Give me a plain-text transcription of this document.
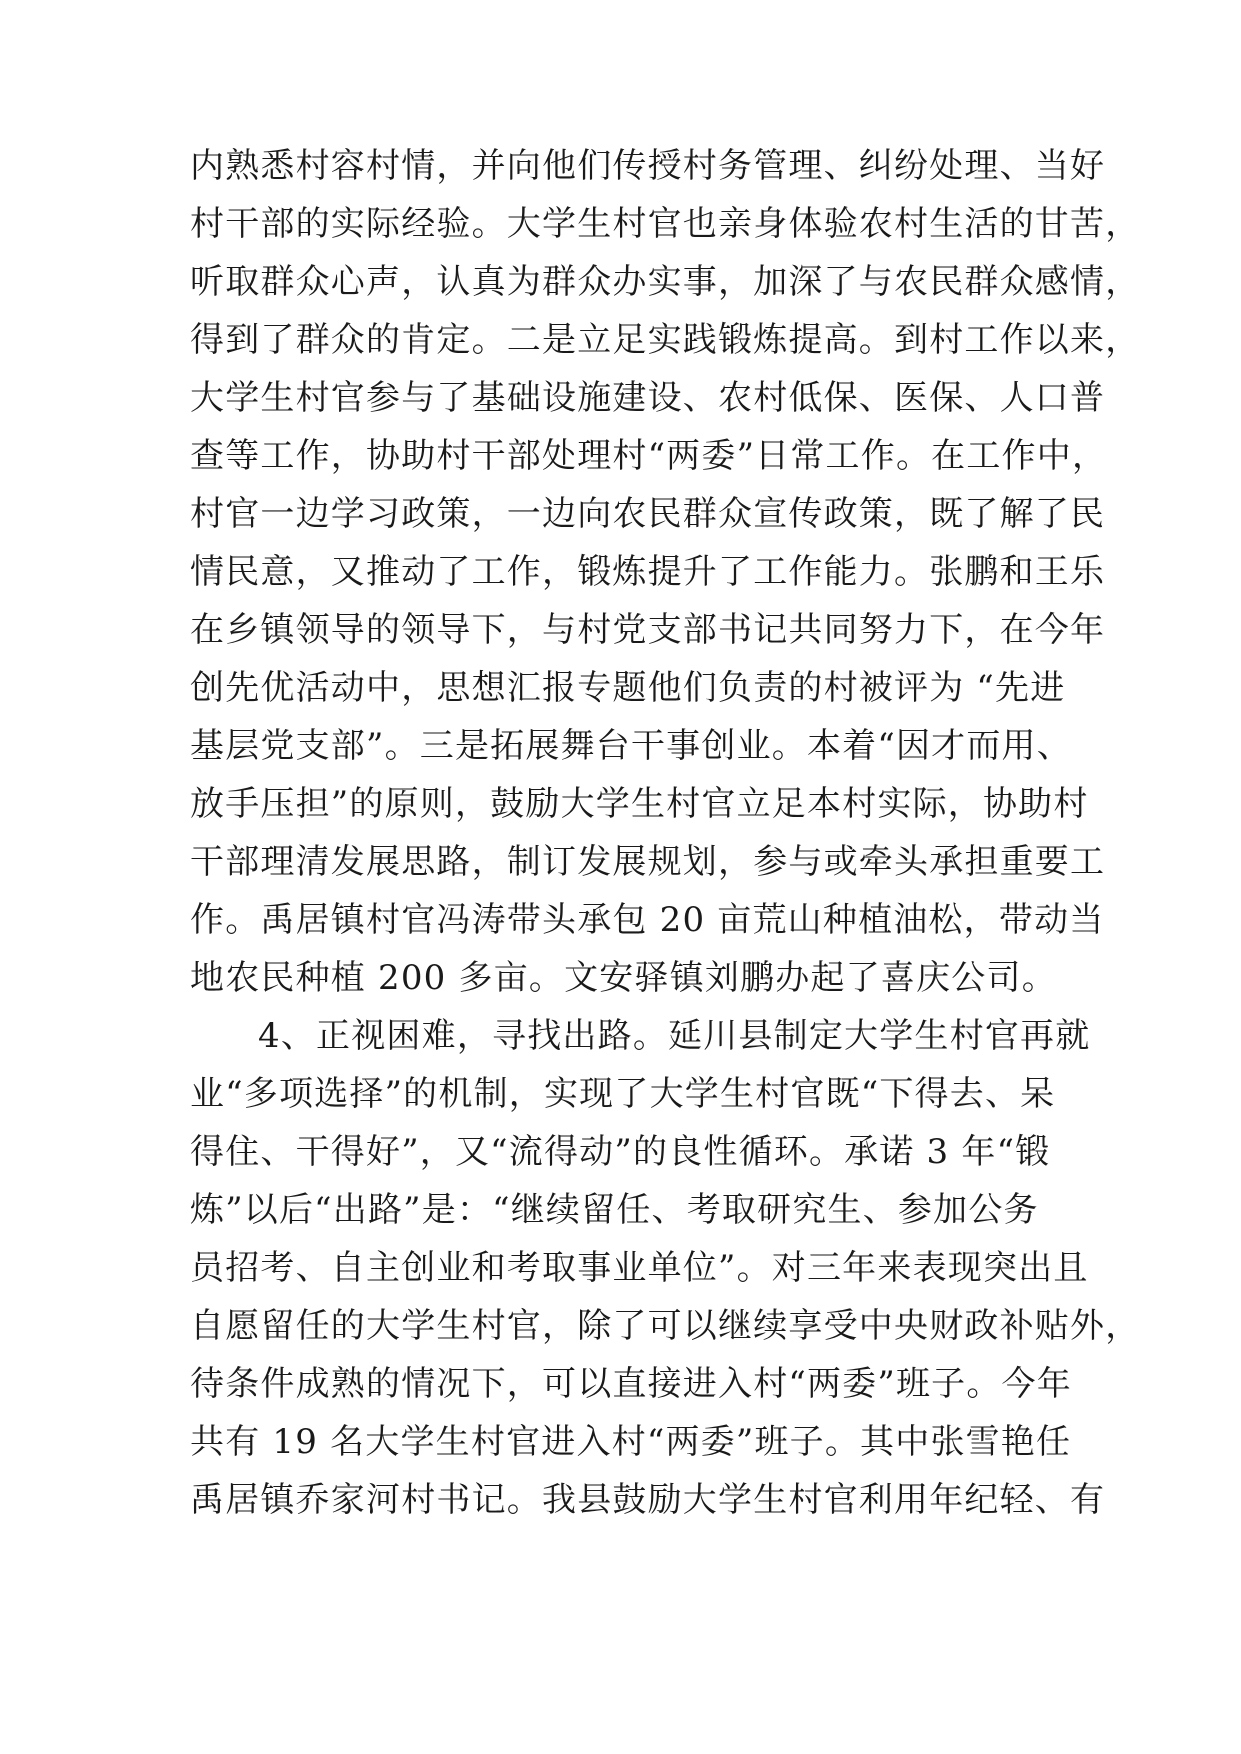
内熟悉村容村情，并向他们传授村务管理、纠纷处理、当好
村干部的实际经验。大学生村官也亲身体验农村生活的甘苦，
听取群众心声，认真为群众办实事，加深了与农民群众感情，
得到了群众的肯定。二是立足实践锻炼提高。到村工作以来，
大学生村官参与了基础设施建设、农村低保、医保、人口普
查等工作，协助村干部处理村“两委”日常工作。在工作中，
村官一边学习政策，一边向农民群众宣传政策，既了解了民
情民意，又推动了工作，锻炼提升了工作能力。张鹏和王乐
在乡镇领导的领导下，与村党支部书记共同努力下，在今年
创先优活动中，思想汇报专题他们负责的村被评为 “先进
基层党支部”。三是拓展舞台干事创业。本着“因才而用、
放手压担”的原则，鼓励大学生村官立足本村实际，协助村
干部理清发展思路，制订发展规划，参与或牵头承担重要工
作。禹居镇村官冯涛带头承包 20 亩荒山种植油松，带动当
地农民种植 200 多亩。文安驿镇刘鹏办起了喜庆公司。
4、正视困难，寻找出路。延川县制定大学生村官再就
业“多项选择”的机制，实现了大学生村官既“下得去、呆
得住、干得好”，又“流得动”的良性循环。承诺 3 年“锻
炼”以后“出路”是：“继续留任、考取研究生、参加公务
员招考、自主创业和考取事业单位”。对三年来表现突出且
自愿留任的大学生村官，除了可以继续享受中央财政补贴外，
待条件成熟的情况下，可以直接进入村“两委”班子。今年
共有 19 名大学生村官进入村“两委”班子。其中张雪艳任
禹居镇乔家河村书记。我县鼓励大学生村官利用年纪轻、有
